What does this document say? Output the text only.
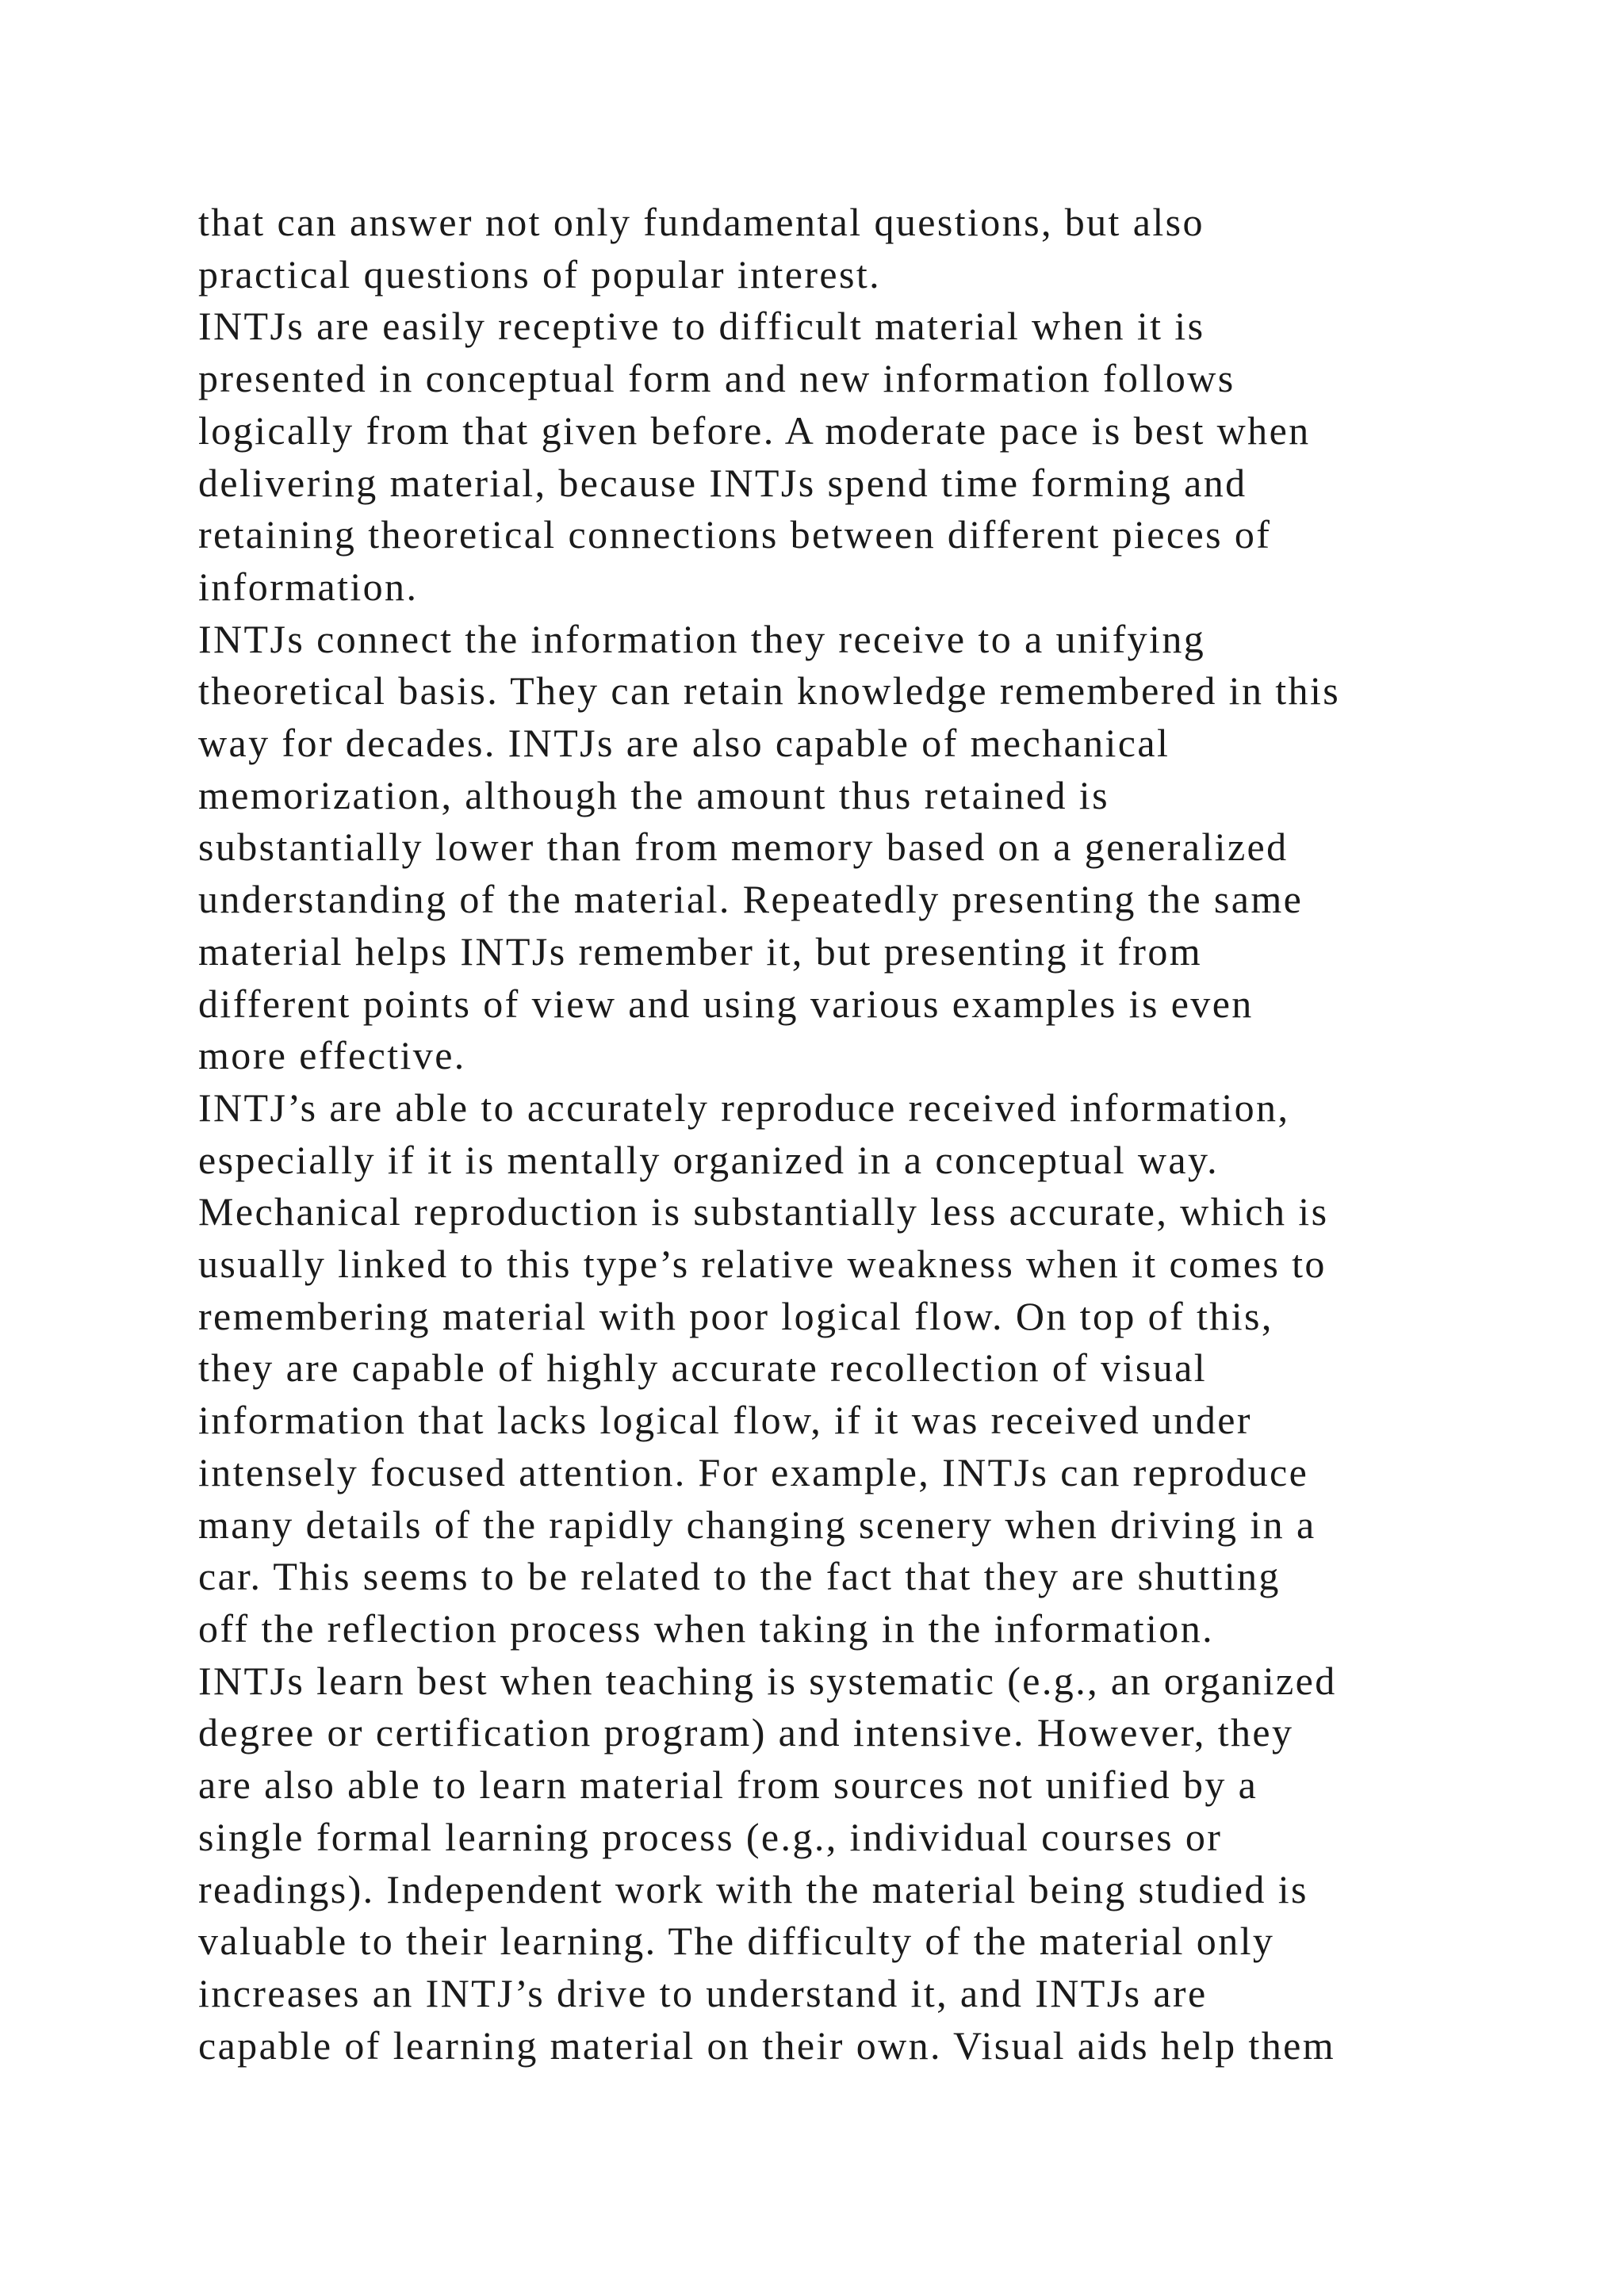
that can answer not only fundamental questions, but also
practical questions of popular interest.
INTJs are easily receptive to difficult material when it is
presented in conceptual form and new information follows
logically from that given before. A moderate pace is best when
delivering material, because INTJs spend time forming and
retaining theoretical connections between different pieces of
information.
INTJs connect the information they receive to a unifying
theoretical basis. They can retain knowledge remembered in this
way for decades. INTJs are also capable of mechanical
memorization, although the amount thus retained is
substantially lower than from memory based on a generalized
understanding of the material. Repeatedly presenting the same
material helps INTJs remember it, but presenting it from
different points of view and using various examples is even
more effective.
INTJ’s are able to accurately reproduce received information,
especially if it is mentally organized in a conceptual way.
Mechanical reproduction is substantially less accurate, which is
usually linked to this type’s relative weakness when it comes to
remembering material with poor logical flow. On top of this,
they are capable of highly accurate recollection of visual
information that lacks logical flow, if it was received under
intensely focused attention. For example, INTJs can reproduce
many details of the rapidly changing scenery when driving in a
car. This seems to be related to the fact that they are shutting
off the reflection process when taking in the information.
INTJs learn best when teaching is systematic (e.g., an organized
degree or certification program) and intensive. However, they
are also able to learn material from sources not unified by a
single formal learning process (e.g., individual courses or
readings). Independent work with the material being studied is
valuable to their learning. The difficulty of the material only
increases an INTJ’s drive to understand it, and INTJs are
capable of learning material on their own. Visual aids help them
